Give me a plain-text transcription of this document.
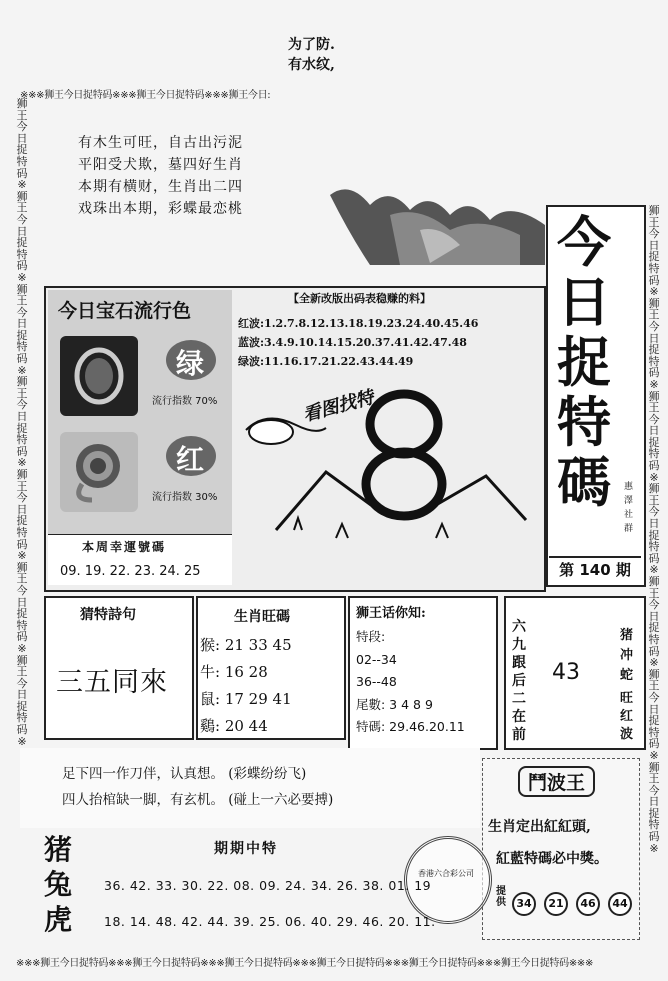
为了防.
有水纹,
※※※狮王今日捉特码※※※狮王今日捉特码※※※狮王今日:
狮王今日捉特码※狮王今日捉特码※狮王今日捉特码※狮王今日捉特码※狮王今日捉特码※狮王今日捉特码※狮王今日捉特码※
狮王今日捉特码※狮王今日捉特码※狮王今日捉特码※狮王今日捉特码※狮王今日捉特码※狮王今日捉特码※狮王今日捉特码※
有木生可旺，自古出污泥
平阳受犬欺，墓四好生肖
本期有横财，生肖出二四
戏珠出本期，彩蝶最恋桃
今
日
捉
特
碼	惠澤社群
第 140 期
今日宝石流行色
绿
流行指数 70%
红
流行指数 30%
本周幸運號碼
09. 19. 22. 23. 24. 25
【全新改版出码表稳赚的料】
红波:1.2.7.8.12.13.18.19.23.24.40.45.46
蓝波:3.4.9.10.14.15.20.37.41.42.47.48
绿波:11.16.17.21.22.43.44.49
看图找特
猜特詩句
三五同來
生肖旺碼
猴: 21 33 45
牛: 16 28
鼠: 17 29 41
鷄: 20 44
狮王话你知:
特段:
02--34
36--48
尾數: 3 4 8 9
特碼: 29.46.20.11
六九跟后二在前
43
猪冲蛇
旺红波
足下四一作刀伴，认真想。 (彩蝶纷纷飞)
四人抬棺缺一脚，有玄机。 (碰上一六必要搏)
鬥波王
生肖定出紅紅頭,
紅藍特碼必中獎。
香港六合彩公司
提供 34	21	46	44
猪
兔
虎
期期中特
36. 42. 33. 30. 22. 08. 09. 24. 34. 26. 38. 01. 19
18. 14. 48. 42. 44. 39. 25. 06. 40. 29. 46. 20. 11.
※※※狮王今日捉特码※※※狮王今日捉特码※※※狮王今日捉特码※※※狮王今日捉特码※※※狮王今日捉特码※※※狮王今日捉特码※※※
